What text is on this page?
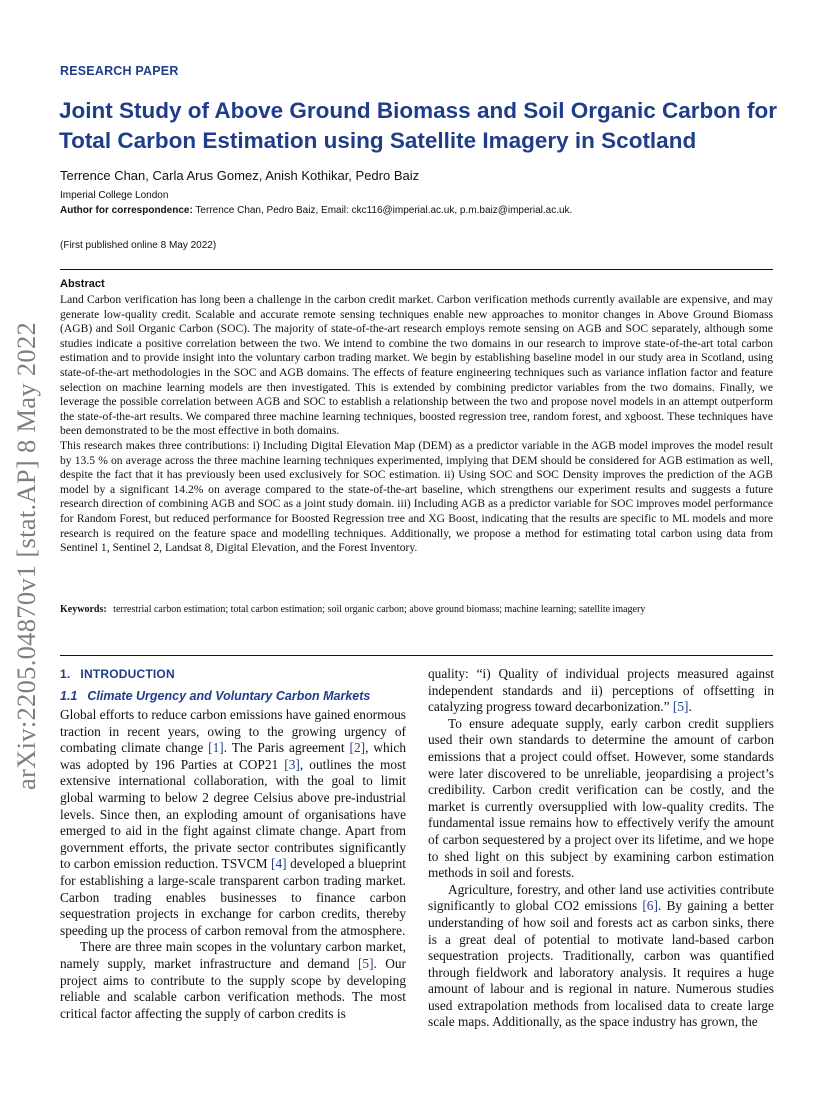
arXiv:2205.04870v1 [stat.AP] 8 May 2022
RESEARCH PAPER
Joint Study of Above Ground Biomass and Soil Organic Carbon for Total Carbon Estimation using Satellite Imagery in Scotland
Terrence Chan, Carla Arus Gomez, Anish Kothikar, Pedro Baiz
Imperial College London
Author for correspondence: Terrence Chan, Pedro Baiz, Email: ckc116@imperial.ac.uk, p.m.baiz@imperial.ac.uk.
(First published online 8 May 2022)
Abstract

Land Carbon verification has long been a challenge in the carbon credit market. Carbon verification methods currently available are expensive, and may generate low-quality credit. Scalable and accurate remote sensing techniques enable new approaches to monitor changes in Above Ground Biomass (AGB) and Soil Organic Carbon (SOC). The majority of state-of-the-art research employs remote sensing on AGB and SOC separately, although some studies indicate a positive correlation between the two. We intend to combine the two domains in our research to improve state-of-the-art total carbon estimation and to provide insight into the voluntary carbon trading market. We begin by establishing baseline model in our study area in Scotland, using state-of-the-art methodologies in the SOC and AGB domains. The effects of feature engineering techniques such as variance inflation factor and feature selection on machine learning models are then investigated. This is extended by combining predictor variables from the two domains. Finally, we leverage the possible correlation between AGB and SOC to establish a relationship between the two and propose novel models in an attempt outperform the state-of-the-art results. We compared three machine learning techniques, boosted regression tree, random forest, and xgboost. These techniques have been demonstrated to be the most effective in both domains.

This research makes three contributions: i) Including Digital Elevation Map (DEM) as a predictor variable in the AGB model improves the model result by 13.5 % on average across the three machine learning techniques experimented, implying that DEM should be considered for AGB estimation as well, despite the fact that it has previously been used exclusively for SOC estimation. ii) Using SOC and SOC Density improves the prediction of the AGB model by a significant 14.2% on average compared to the state-of-the-art baseline, which strengthens our experiment results and suggests a future research direction of combining AGB and SOC as a joint study domain. iii) Including AGB as a predictor variable for SOC improves model performance for Random Forest, but reduced performance for Boosted Regression tree and XG Boost, indicating that the results are specific to ML models and more research is required on the feature space and modelling techniques. Additionally, we propose a method for estimating total carbon using data from Sentinel 1, Sentinel 2, Landsat 8, Digital Elevation, and the Forest Inventory.

Keywords: terrestrial carbon estimation; total carbon estimation; soil organic carbon; above ground biomass; machine learning; satellite imagery
1. INTRODUCTION
1.1 Climate Urgency and Voluntary Carbon Markets

Global efforts to reduce carbon emissions have gained enormous traction in recent years, owing to the growing urgency of combating climate change [1]. The Paris agreement [2], which was adopted by 196 Parties at COP21 [3], outlines the most extensive international collaboration, with the goal to limit global warming to below 2 degree Celsius above pre-industrial levels. Since then, an exploding amount of organisations have emerged to aid in the fight against climate change. Apart from government efforts, the private sector contributes significantly to carbon emission reduction. TSVCM [4] developed a blueprint for establishing a large-scale transparent carbon trading market. Carbon trading enables businesses to finance carbon sequestration projects in exchange for carbon credits, thereby speeding up the process of carbon removal from the atmosphere.

There are three main scopes in the voluntary carbon market, namely supply, market infrastructure and demand [5]. Our project aims to contribute to the supply scope by developing reliable and scalable carbon verification methods. The most critical factor affecting the supply of carbon credits is

quality: “i) Quality of individual projects measured against independent standards and ii) perceptions of offsetting in catalyzing progress toward decarbonization.” [5].

To ensure adequate supply, early carbon credit suppliers used their own standards to determine the amount of carbon emissions that a project could offset. However, some standards were later discovered to be unreliable, jeopardising a project’s credibility. Carbon credit verification can be costly, and the market is currently oversupplied with low-quality credits. The fundamental issue remains how to effectively verify the amount of carbon sequestered by a project over its lifetime, and we hope to shed light on this subject by examining carbon estimation methods in soil and forests.

Agriculture, forestry, and other land use activities contribute significantly to global CO2 emissions [6]. By gaining a better understanding of how soil and forests act as carbon sinks, there is a great deal of potential to motivate land-based carbon sequestration projects. Traditionally, carbon was quantified through fieldwork and laboratory analysis. It requires a huge amount of labour and is regional in nature. Numerous studies used extrapolation methods from localised data to create large scale maps. Additionally, as the space industry has grown, the
